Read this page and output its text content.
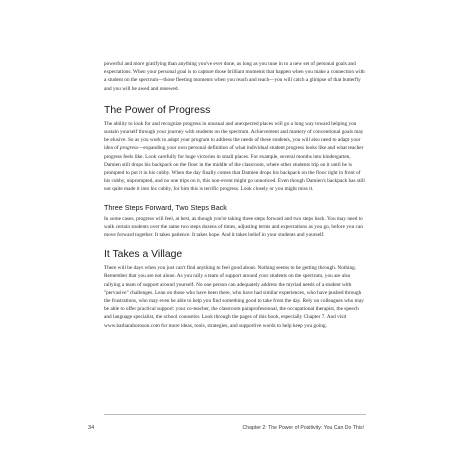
powerful and more gratifying than anything you've ever done, as long as you tune in to a new set of personal goals and expectations. When your personal goal is to capture those brilliant moments that happen when you make a connection with a student on the spectrum—those fleeting moments when you reach and teach—you will catch a glimpse of that butterfly and you will be awed and renewed.

The Power of Progress

The ability to look for and recognize progress in unusual and unexpected places will go a long way toward helping you sustain yourself through your journey with students on the spectrum. Achievement and mastery of conventional goals may be elusive. So as you work to adapt your program to address the needs of these students, you will also need to adapt your idea of progress—expanding your own personal definition of what individual student progress looks like and what teacher progress feels like. Look carefully for huge victories in small places. For example, several months into kindergarten, Damien still drops his backpack on the floor in the middle of the classroom, where other students trip on it until he is prompted to put it in his cubby. When the day finally comes that Damien drops his backpack on the floor right in front of his cubby, unprompted, and no one trips on it, this non-event might go unnoticed. Even though Damien's backpack has still not quite made it into his cubby, for him this is terrific progress. Look closely or you might miss it.

Three Steps Forward, Two Steps Back

In some cases, progress will feel, at best, as though you're taking three steps forward and two steps back. You may need to walk certain students over the same two steps dozens of times, adjusting terms and expectations as you go, before you can move forward together. It takes patience. It takes hope. And it takes belief in your students and yourself.

It Takes a Village

There will be days when you just can't find anything to feel good about. Nothing seems to be getting through. Nothing. Remember that you are not alone. As you rally a team of support around your students on the spectrum, you are also rallying a team of support around yourself. No one person can adequately address the myriad needs of a student with "pervasive" challenges. Lean on those who have been there, who have had similar experiences, who have pushed through the frustrations, who may even be able to help you find something good to take from the day. Rely on colleagues who may be able to offer practical support: your co-teacher, the classroom paraprofessional, the occupational therapist, the speech and language specialist, the school counselor. Look through the pages of this book, especially Chapter 7. And visit www.barbaraboroson.com for more ideas, tools, strategies, and supportive words to help keep you going.

34	Chapter 2: The Power of Positivity: You Can Do This!
